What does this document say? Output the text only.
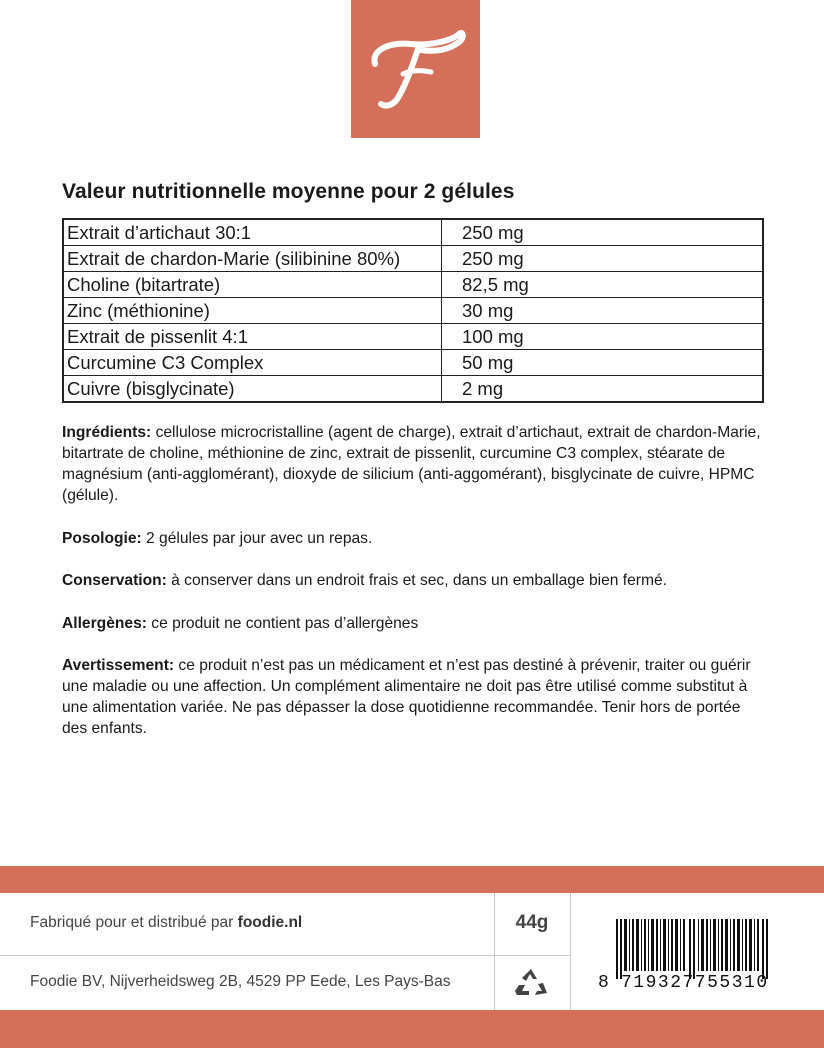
Valeur nutritionnelle moyenne pour 2 gélules
Extrait d’artichaut 30:1	250 mg
Extrait de chardon-Marie (silibinine 80%)	250 mg
Choline (bitartrate)	82,5 mg
Zinc (méthionine)	30 mg
Extrait de pissenlit 4:1	100 mg
Curcumine C3 Complex	50 mg
Cuivre (bisglycinate)	2 mg

Ingrédients: cellulose microcristalline (agent de charge), extrait d’artichaut, extrait de chardon-Marie, bitartrate de choline, méthionine de zinc, extrait de pissenlit, curcumine C3 complex, stéarate de magnésium (anti-agglomérant), dioxyde de silicium (anti-aggomérant), bisglycinate de cuivre, HPMC (gélule).

Posologie: 2 gélules par jour avec un repas.

Conservation: à conserver dans un endroit frais et sec, dans un emballage bien fermé.

Allergènes: ce produit ne contient pas d’allergènes

Avertissement: ce produit n’est pas un médicament et n’est pas destiné à prévenir, traiter ou guérir une maladie ou une affection. Un complément alimentaire ne doit pas être utilisé comme substitut à une alimentation variée. Ne pas dépasser la dose quotidienne recommandée. Tenir hors de portée des enfants.

Fabriqué pour et distribué par foodie.nl
Foodie BV, Nijverheidsweg 2B, 4529 PP Eede, Les Pays-Bas
44g
8 719327755310
